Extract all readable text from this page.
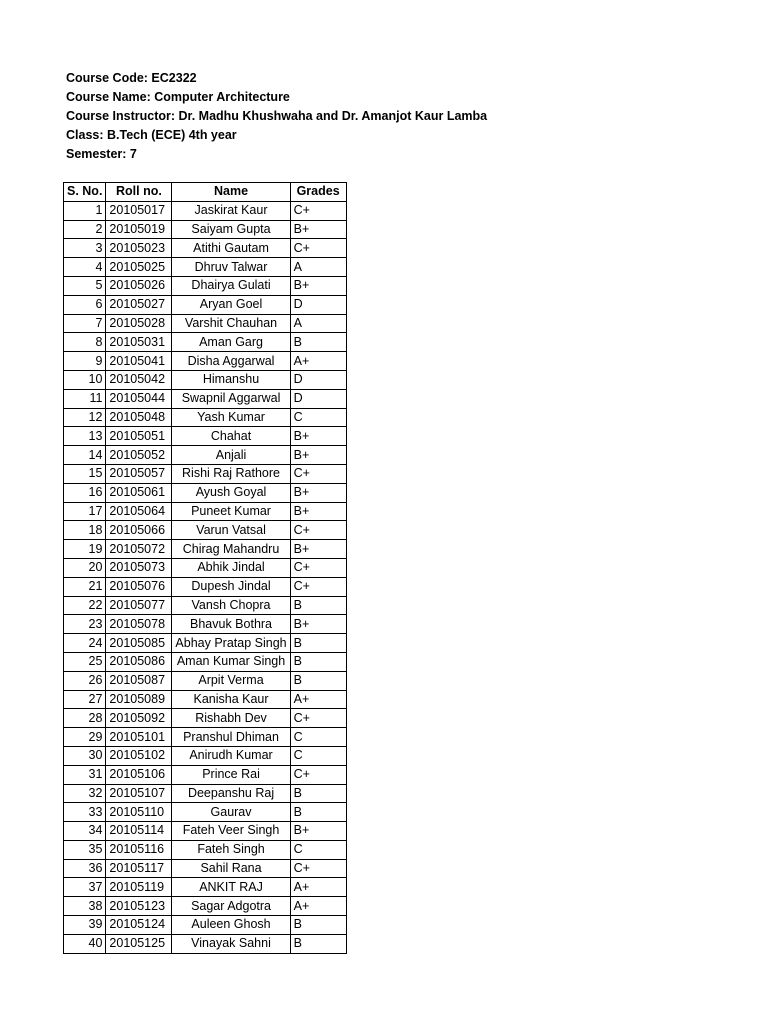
Course Code: EC2322
Course Name: Computer Architecture
Course Instructor: Dr. Madhu Khushwaha and Dr. Amanjot Kaur Lamba
Class: B.Tech (ECE) 4th year
Semester: 7
S. No.	Roll no.	Name	Grades
1	20105017	Jaskirat Kaur	C+
2	20105019	Saiyam Gupta	B+
3	20105023	Atithi Gautam	C+
4	20105025	Dhruv Talwar	A
5	20105026	Dhairya Gulati	B+
6	20105027	Aryan Goel	D
7	20105028	Varshit Chauhan	A
8	20105031	Aman Garg	B
9	20105041	Disha Aggarwal	A+
10	20105042	Himanshu	D
11	20105044	Swapnil Aggarwal	D
12	20105048	Yash Kumar	C
13	20105051	Chahat	B+
14	20105052	Anjali	B+
15	20105057	Rishi Raj Rathore	C+
16	20105061	Ayush Goyal	B+
17	20105064	Puneet Kumar	B+
18	20105066	Varun Vatsal	C+
19	20105072	Chirag Mahandru	B+
20	20105073	Abhik Jindal	C+
21	20105076	Dupesh Jindal	C+
22	20105077	Vansh Chopra	B
23	20105078	Bhavuk Bothra	B+
24	20105085	Abhay Pratap Singh	B
25	20105086	Aman Kumar Singh	B
26	20105087	Arpit Verma	B
27	20105089	Kanisha Kaur	A+
28	20105092	Rishabh Dev	C+
29	20105101	Pranshul Dhiman	C
30	20105102	Anirudh Kumar	C
31	20105106	Prince Rai	C+
32	20105107	Deepanshu Raj	B
33	20105110	Gaurav	B
34	20105114	Fateh Veer Singh	B+
35	20105116	Fateh Singh	C
36	20105117	Sahil Rana	C+
37	20105119	ANKIT RAJ	A+
38	20105123	Sagar Adgotra	A+
39	20105124	Auleen Ghosh	B
40	20105125	Vinayak Sahni	B
